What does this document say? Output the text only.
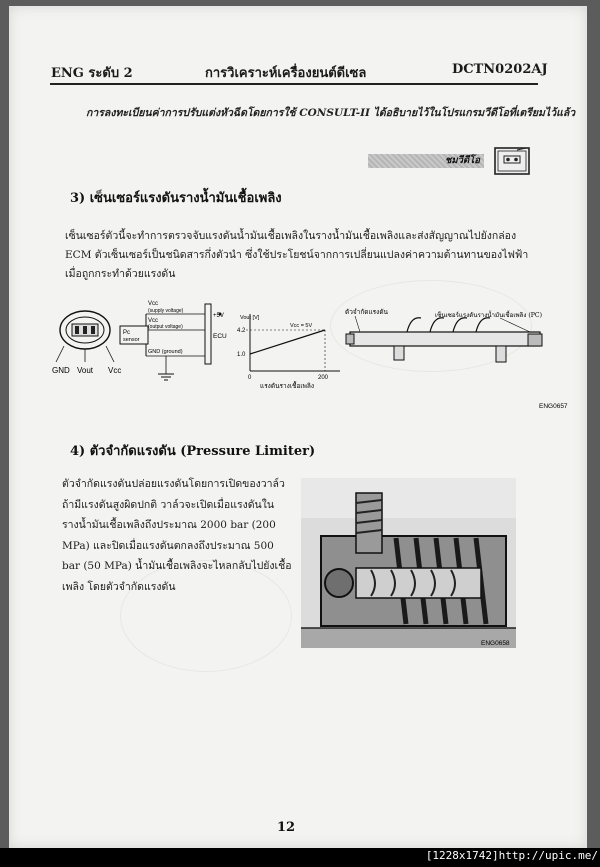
ENG ระดับ 2	การวิเคราะห์เครื่องยนต์ดีเซล	DCTN0202AJ
การลงทะเบียนค่าการปรับแต่งหัวฉีดโดยการใช้ CONSULT-II ได้อธิบายไว้ในโปรแกรมวีดีโอที่เตรียมไว้แล้ว
ชมวีดีโอ
3) เซ็นเซอร์แรงดันรางน้ำมันเชื้อเพลิง
เซ็นเซอร์ตัวนี้จะทำการตรวจจับแรงดันน้ำมันเชื้อเพลิงในรางน้ำมันเชื้อเพลิงและส่งสัญญาณไปยังกล่อง ECM ตัวเซ็นเซอร์เป็นชนิดสารกึ่งตัวนำ ซึ่งใช้ประโยชน์จากการเปลี่ยนแปลงค่าความต้านทานของไฟฟ้าเมื่อถูกกระทำด้วยแรงดัน
GND Vout Vcc
Vcc
(supply voltage)
Vcc
(output voltage)
Pc
sensor
GND (ground)
+5V
ECU
Vout [V]
4.2
1.0
0	200
แรงดันรางเชื้อเพลิง
Vcc = 5V
ตัวจำกัดแรงดัน	เซ็นเซอร์แรงดันรางน้ำมันเชื้อเพลิง (PC)
ENG0657
4) ตัวจำกัดแรงดัน (Pressure Limiter)
ตัวจำกัดแรงดันปล่อยแรงดันโดยการเปิดของวาล์วถ้ามีแรงดันสูงผิดปกติ วาล์วจะเปิดเมื่อแรงดันในรางน้ำมันเชื้อเพลิงถึงประมาณ 2000 bar (200 MPa) และปิดเมื่อแรงดันตกลงถึงประมาณ 500 bar (50 MPa) น้ำมันเชื้อเพลิงจะไหลกลับไปยังเชื้อเพลิง โดยตัวจำกัดแรงดัน
ENG0658
12
[1228x1742]http://upic.me/
